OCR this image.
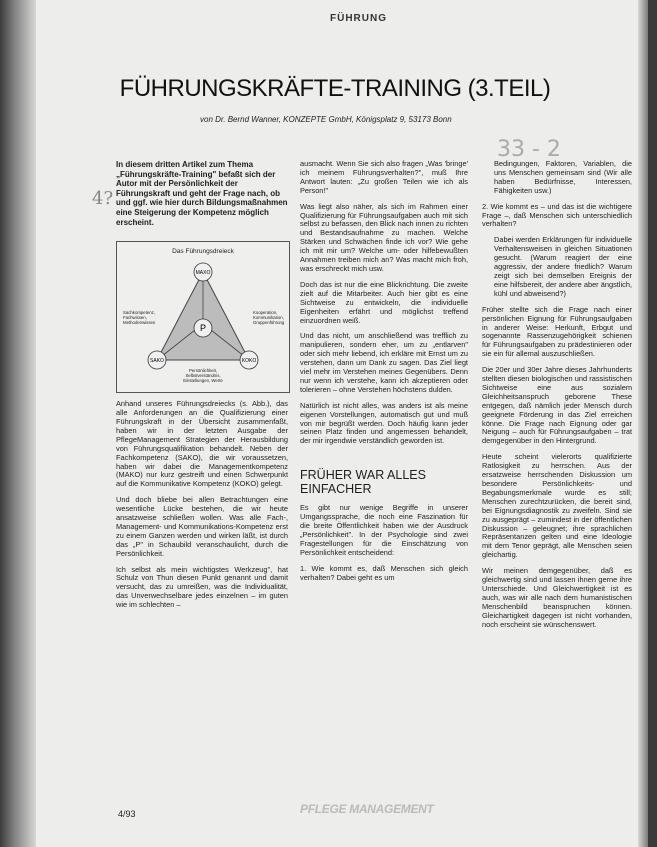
FÜHRUNG
FÜHRUNGSKRÄFTE-TRAINING (3.TEIL)
von Dr. Bernd Wanner, KONZEPTE GmbH, Königsplatz 9, 53173 Bonn
33 - 2
4?

In diesem dritten Artikel zum Thema „Führungskräfte-Training" befaßt sich der Autor mit der Persönlichkeit der Führungskraft und geht der Frage nach, ob und ggf. wie hier durch Bildungsmaßnahmen eine Steigerung der Kompetenz möglich erscheint.

Das Führungsdreieck
MAXO
SAKO	KOKO
P
Sachkompetenz, Fachwissen, Methodenwissen
Kooperation, Kommunikation, Gruppenführung
Persönlichkeit, Selbstverständnis, Einstellungen, Werte

Anhand unseres Führungsdreiecks (s. Abb.), das alle Anforderungen an die Qualifizierung einer Führungskraft in der Übersicht zusammenfaßt, haben wir in der letzten Ausgabe der PflegeManagement Strategien der Herausbildung von Führungsqualifikation behandelt. Neben der Fachkompetenz (SAKO), die wir voraussetzen, haben wir dabei die Managementkompetenz (MAKO) nur kurz gestreift und einen Schwerpunkt auf die Kommunikative Kompetenz (KOKO) gelegt.

Und doch bliebe bei allen Betrachtungen eine wesentliche Lücke bestehen, die wir heute ansatzweise schließen wollen. Was alle Fach-, Management- und Kommunikations-Kompetenz erst zu einem Ganzen werden und wirken läßt, ist durch das „P" in Schaubild veranschaulicht, durch die Persönlichkeit.

Ich selbst als mein wichtigstes Werkzeug", hat Schulz von Thun diesen Punkt genannt und damit versucht, das zu umreißen, was die Individualität, das Unverwechselbare jedes einzelnen – im guten wie im schlechten –

ausmacht. Wenn Sie sich also fragen „Was 'bringe' ich meinem Führungsverhalten?", muß Ihre Antwort lauten: „Zu großen Teilen wie ich als Person!"

Was liegt also näher, als sich im Rahmen einer Qualifizierung für Führungsaufgaben auch mit sich selbst zu befassen, den Blick nach innen zu richten und Bestandsaufnahme zu machen. Welche Stärken und Schwächen finde ich vor? Wie gehe ich mit mir um? Welche um- oder hilfebewußten Annahmen treiben mich an? Was macht mich froh, was erschreckt mich usw.

Doch das ist nur die eine Blickrichtung. Die zweite zielt auf die Mitarbeiter. Auch hier gibt es eine Sichtweise zu entwickeln, die individuelle Eigenheiten erfährt und möglichst treffend einzuordnen weiß.

Und das nicht, um anschließend was trefflich zu manipulieren, sondern eher, um zu „entlarven" oder sich mehr liebend, ich erkläre mit Ernst um zu verstehen, dann um Dank zu sagen. Das Ziel liegt viel mehr im Verstehen meines Gegenübers. Denn nur wenn ich verstehe, kann ich akzeptieren oder tolerieren – ohne Verstehen höchstens dulden.

Natürlich ist nicht alles, was anders ist als meine eigenen Vorstellungen, automatisch gut und muß von mir begrüßt werden. Doch häufig kann jeder seinen Platz finden und angemessen behandelt, der mir irgendwie verständlich geworden ist.

FRÜHER WAR ALLES EINFACHER

Es gibt nur wenige Begriffe in unserer Umgangssprache, die noch eine Faszination für die breite Öffentlichkeit haben wie der Ausdruck „Persönlichkeit". In der Psychologie sind zwei Fragestellungen für die Einschätzung von Persönlichkeit entscheidend:

1. Wie kommt es, daß Menschen sich gleich verhalten? Dabei geht es um

Bedingungen, Faktoren, Variablen, die uns Menschen gemeinsam sind (Wir alle haben Bedürfnisse, Interessen, Fähigkeiten usw.)

2. Wie kommt es – und das ist die wichtigere Frage –, daß Menschen sich unterschiedlich verhalten?

Dabei werden Erklärungen für individuelle Verhaltensweisen in gleichen Situationen gesucht. (Warum reagiert der eine aggressiv, der andere friedlich? Warum zeigt sich bei demselben Ereignis der eine hilfsbereit, der andere aber ängstlich, kühl und abweisend?)

Früher stellte sich die Frage nach einer persönlichen Eignung für Führungsaufgaben in anderer Weise: Herkunft, Erbgut und sogenannte Rassenzugehörigkeit schienen für Führungsaufgaben zu prädestinieren oder sie ein für allemal auszuschließen.

Die 20er und 30er Jahre dieses Jahrhunderts stellten diesen biologischen und rassistischen Sichtweise eine aus sozialem Gleichheitsanspruch geborene These entgegen, daß nämlich jeder Mensch durch geeignete Förderung in das Ziel erreichen könne. Die Frage nach Eignung oder gar Neigung – auch für Führungsaufgaben – trat demgegenüber in den Hintergrund.

Heute scheint vielerorts qualifizierte Ratlosigkeit zu herrschen. Aus der ersatzweise herrschenden Diskussion um besondere Persönlichkeits- und Begabungsmerkmale wurde es still; Menschen zurechtzurücken, die bereit sind, bei Eignungsdiagnostik zu zweifeln. Sind sie zu ausgeprägt – zumindest in der öffentlichen Diskussion – geleugnet; ihre sprachlichen Repräsentanzen gelten und eine Ideologie mit dem Tenor geprägt, alle Menschen seien gleichartig.

Wir meinen demgegenüber, daß es gleichwertig sind und lassen ihnen gerne ihre Unterschiede. Und Gleichwertigkeit ist es auch, was wir alle nach dem humanistischen Menschenbild beanspruchen können. Gleichartigkeit dagegen ist nicht vorhanden, noch erscheint sie wünschenswert.

4/93	PFLEGE MANAGEMENT
